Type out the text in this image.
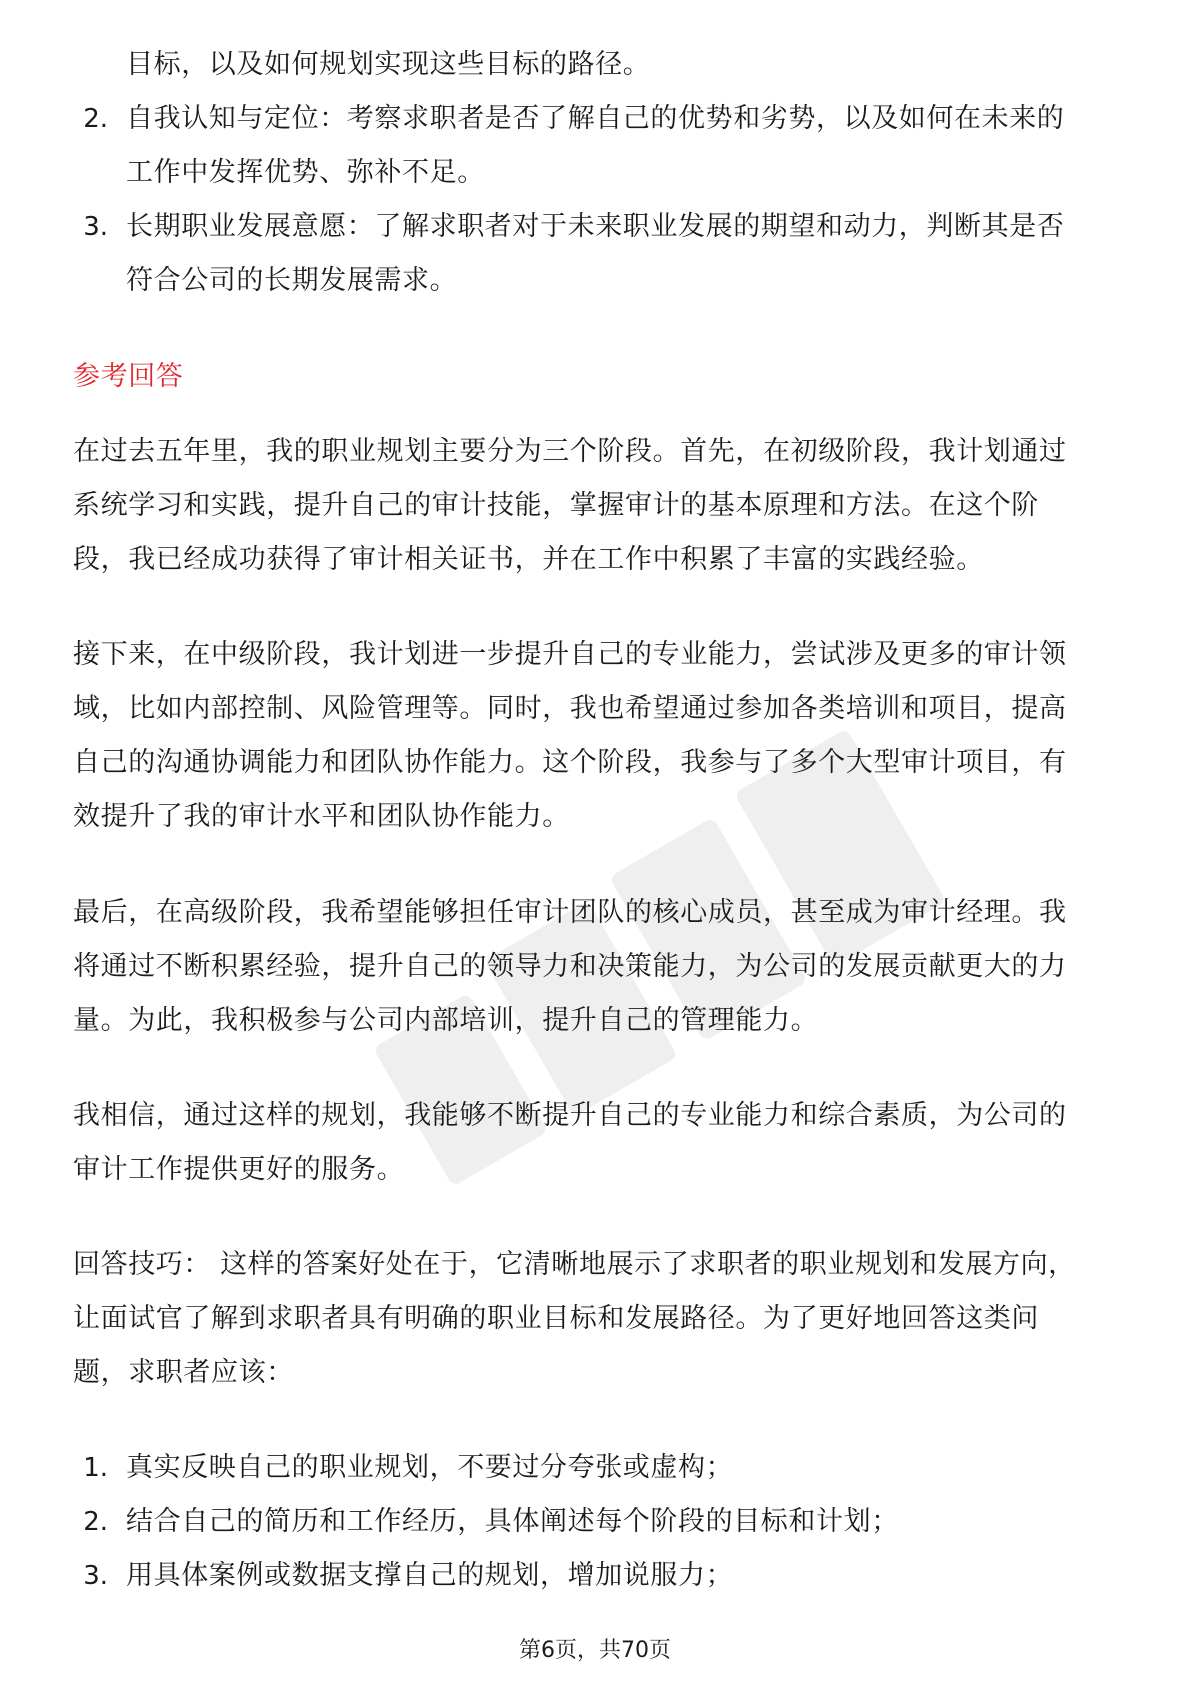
目标，以及如何规划实现这些目标的路径。
2. 自我认知与定位：考察求职者是否了解自己的优势和劣势，以及如何在未来的
工作中发挥优势、弥补不足。
3. 长期职业发展意愿：了解求职者对于未来职业发展的期望和动力，判断其是否
符合公司的长期发展需求。
参考回答
在过去五年里，我的职业规划主要分为三个阶段。首先，在初级阶段，我计划通过
系统学习和实践，提升自己的审计技能，掌握审计的基本原理和方法。在这个阶
段，我已经成功获得了审计相关证书，并在工作中积累了丰富的实践经验。
接下来，在中级阶段，我计划进一步提升自己的专业能力，尝试涉及更多的审计领
域，比如内部控制、风险管理等。同时，我也希望通过参加各类培训和项目，提高
自己的沟通协调能力和团队协作能力。这个阶段，我参与了多个大型审计项目，有
效提升了我的审计水平和团队协作能力。
最后，在高级阶段，我希望能够担任审计团队的核心成员，甚至成为审计经理。我
将通过不断积累经验，提升自己的领导力和决策能力，为公司的发展贡献更大的力
量。为此，我积极参与公司内部培训，提升自己的管理能力。
我相信，通过这样的规划，我能够不断提升自己的专业能力和综合素质，为公司的
审计工作提供更好的服务。
回答技巧： 这样的答案好处在于，它清晰地展示了求职者的职业规划和发展方向，
让面试官了解到求职者具有明确的职业目标和发展路径。为了更好地回答这类问
题，求职者应该：
1. 真实反映自己的职业规划，不要过分夸张或虚构；
2. 结合自己的简历和工作经历，具体阐述每个阶段的目标和计划；
3. 用具体案例或数据支撑自己的规划，增加说服力；
第6页，共70页
